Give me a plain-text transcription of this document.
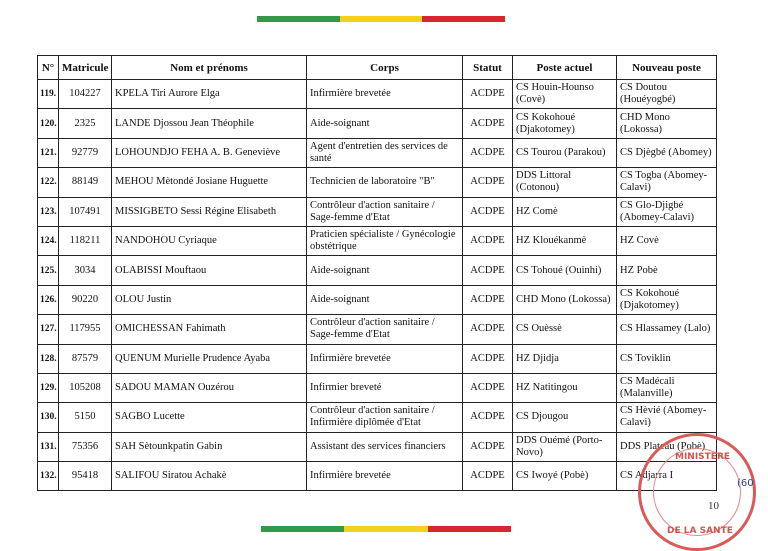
N°	Matricule	Nom et prénoms	Corps	Statut	Poste actuel	Nouveau poste
119.	104227	KPELA Tiri Aurore Elga	Infirmière brevetée	ACDPE	CS Houin-Hounso (Covè)	CS Doutou (Houéyogbé)
120.	2325	LANDE Djossou Jean Théophile	Aide-soignant	ACDPE	CS Kokohoué (Djakotomey)	CHD Mono (Lokossa)
121.	92779	LOHOUNDJO FEHA A. B. Geneviève	Agent d'entretien des services de santé	ACDPE	CS Tourou (Parakou)	CS Djègbé (Abomey)
122.	88149	MEHOU Mètondé Josiane Huguette	Technicien de laboratoire "B"	ACDPE	DDS Littoral (Cotonou)	CS Togba (Abomey-Calavi)
123.	107491	MISSIGBETO Sessi Régine Elisabeth	Contrôleur d'action sanitaire / Sage-femme d'Etat	ACDPE	HZ Comè	CS Glo-Djigbé (Abomey-Calavi)
124.	118211	NANDOHOU Cyriaque	Praticien spécialiste / Gynécologie obstétrique	ACDPE	HZ Klouékanmè	HZ Covè
125.	3034	OLABISSI Mouftaou	Aide-soignant	ACDPE	CS Tohoué (Ouinhi)	HZ Pobè
126.	90220	OLOU Justin	Aide-soignant	ACDPE	CHD Mono (Lokossa)	CS Kokohoué (Djakotomey)
127.	117955	OMICHESSAN Fahimath	Contrôleur d'action sanitaire / Sage-femme d'Etat	ACDPE	CS Ouèssè	CS Hlassamey (Lalo)
128.	87579	QUENUM Murielle Prudence Ayaba	Infirmière brevetée	ACDPE	HZ Djidja	CS Toviklin
129.	105208	SADOU MAMAN Ouzérou	Infirmier breveté	ACDPE	HZ Natitingou	CS Madécali (Malanville)
130.	5150	SAGBO Lucette	Contrôleur d'action sanitaire / Infirmière diplômée d'Etat	ACDPE	CS Djougou	CS Hèvié (Abomey-Calavi)
131.	75356	SAH Sètounkpatin Gabin	Assistant des services financiers	ACDPE	DDS Ouémé (Porto-Novo)	DDS Plateau (Pobè)
132.	95418	SALIFOU Siratou Achakè	Infirmière brevetée	ACDPE	CS Iwoyé (Pobè)	CS Adjarra I
MINISTERE
DE LA SANTE
10
(60
